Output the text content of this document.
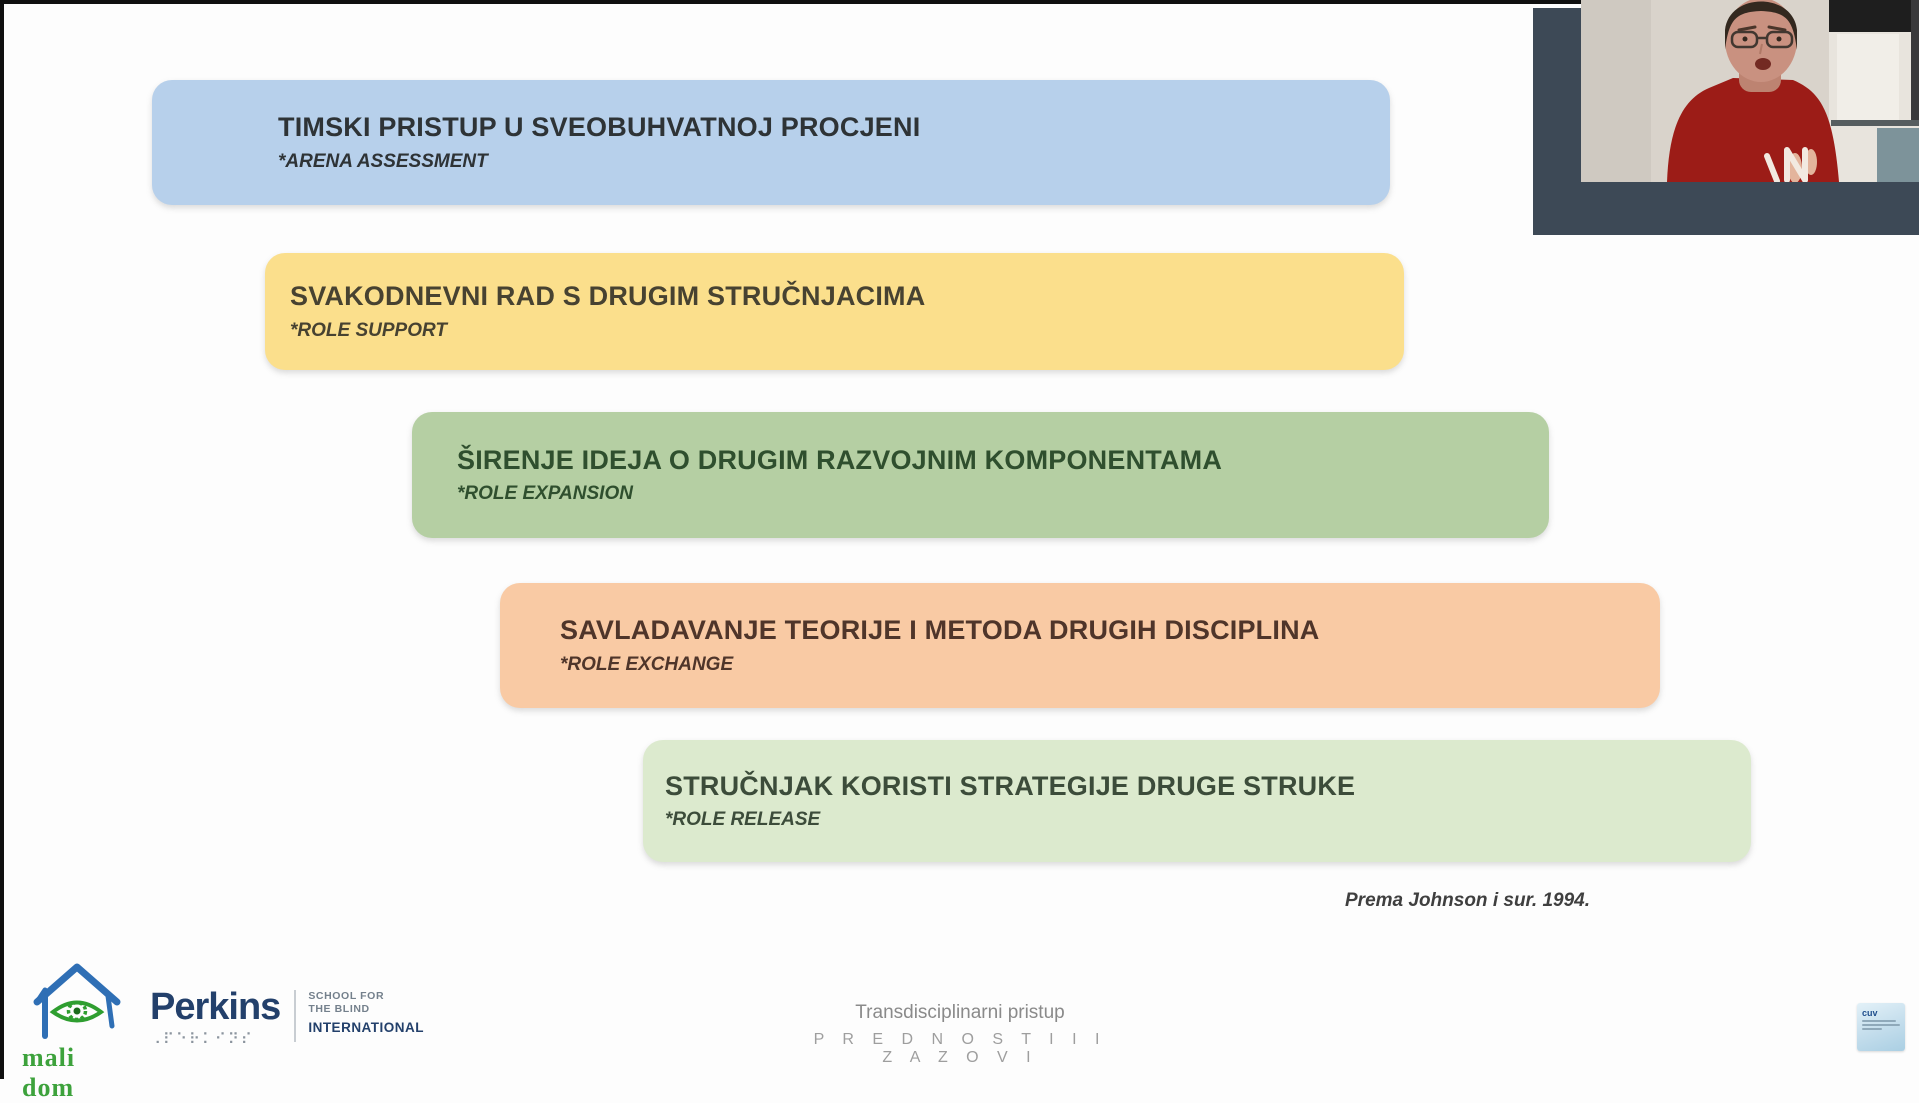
TIMSKI PRISTUP U SVEOBUHVATNOJ PROCJENI
*ARENA ASSESSMENT
SVAKODNEVNI RAD S DRUGIM STRUČNJACIMA
*ROLE SUPPORT
ŠIRENJE IDEJA O DRUGIM RAZVOJNIM KOMPONENTAMA
*ROLE EXPANSION
SAVLADAVANJE TEORIJE I METODA DRUGIH DISCIPLINA
*ROLE EXCHANGE
STRUČNJAK KORISTI STRATEGIJE DRUGE STRUKE
*ROLE RELEASE
Prema Johnson i sur. 1994.
Transdisciplinarni pristup
P R E D N O S T I I I Z A Z O V I
mali dom
Perkins
⠠⠏⠑⠗⠅⠊⠝⠎
SCHOOL FOR
THE BLIND
INTERNATIONAL
cuv
